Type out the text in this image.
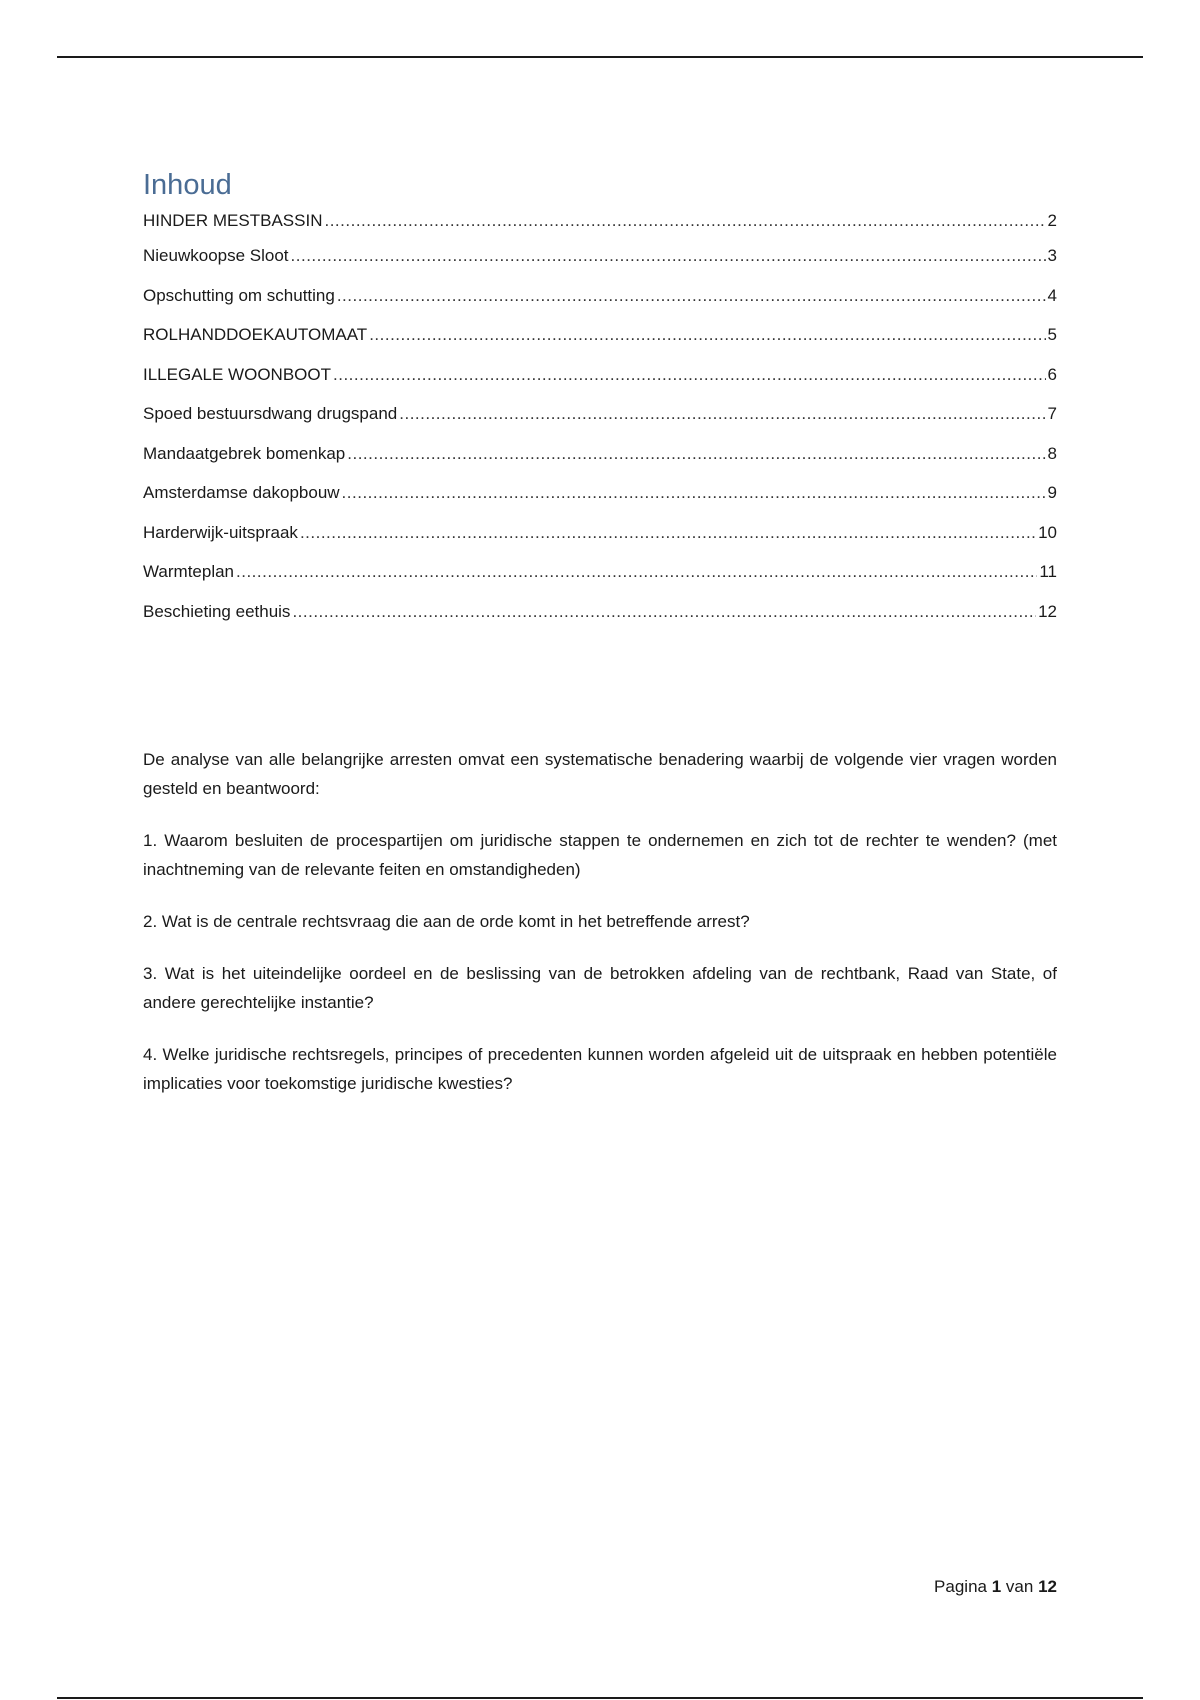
Inhoud
HINDER MESTBASSIN .....	2
Nieuwkoopse Sloot .....	3
Opschutting om schutting .....	4
ROLHANDDOEKAUTOMAAT .....	5
ILLEGALE WOONBOOT .....	6
Spoed bestuursdwang drugspand .....	7
Mandaatgebrek bomenkap .....	8
Amsterdamse dakopbouw .....	9
Harderwijk-uitspraak .....	10
Warmteplan .....	11
Beschieting eethuis .....	12

De analyse van alle belangrijke arresten omvat een systematische benadering waarbij de volgende vier vragen worden gesteld en beantwoord:

1. Waarom besluiten de procespartijen om juridische stappen te ondernemen en zich tot de rechter te wenden? (met inachtneming van de relevante feiten en omstandigheden)

2. Wat is de centrale rechtsvraag die aan de orde komt in het betreffende arrest?

3. Wat is het uiteindelijke oordeel en de beslissing van de betrokken afdeling van de rechtbank, Raad van State, of andere gerechtelijke instantie?

4. Welke juridische rechtsregels, principes of precedenten kunnen worden afgeleid uit de uitspraak en hebben potentiële implicaties voor toekomstige juridische kwesties?

Pagina 1 van 12
